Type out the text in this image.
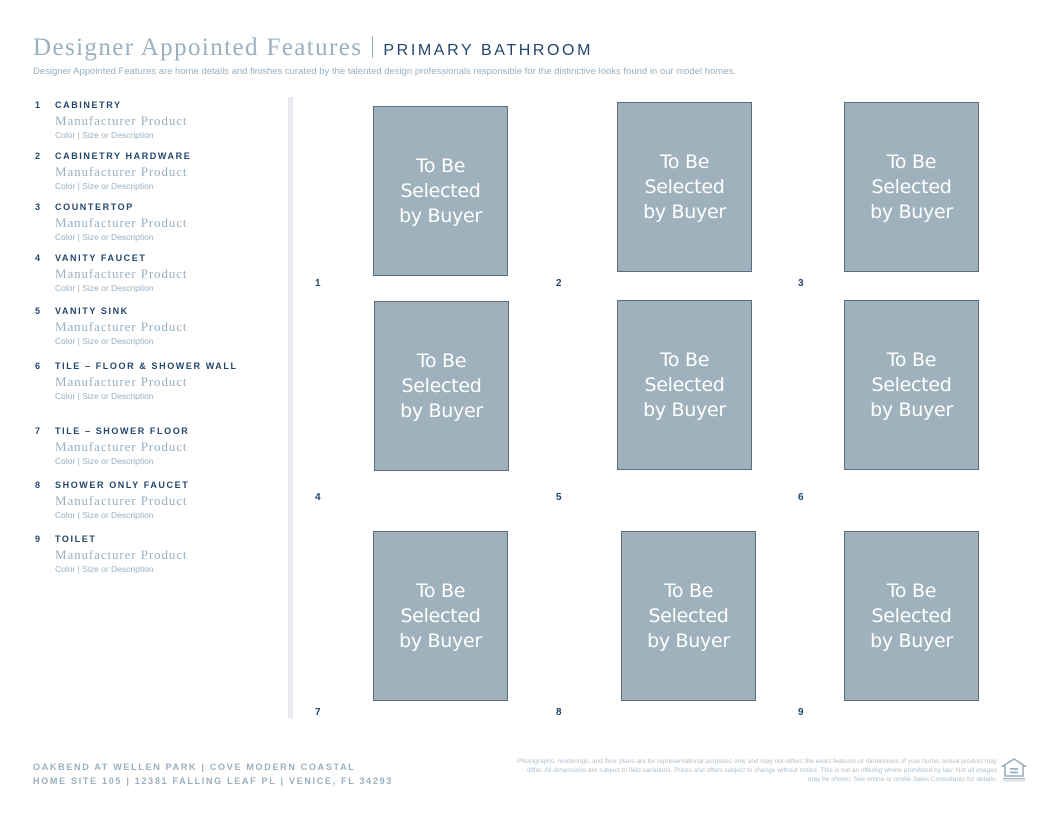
Designer Appointed Features PRIMARY BATHROOM
Designer Appointed Features are home details and finishes curated by the talented design professionals responsible for the distinctive looks found in our model homes.
1 CABINETRY
Manufacturer Product
Color | Size or Description
2 CABINETRY HARDWARE
Manufacturer Product
Color | Size or Description
3 COUNTERTOP
Manufacturer Product
Color | Size or Description
4 VANITY FAUCET
Manufacturer Product
Color | Size or Description
5 VANITY SINK
Manufacturer Product
Color | Size or Description
6 TILE – FLOOR & SHOWER WALL
Manufacturer Product
Color | Size or Description
7 TILE – SHOWER FLOOR
Manufacturer Product
Color | Size or Description
8 SHOWER ONLY FAUCET
Manufacturer Product
Color | Size or Description
9 TOILET
Manufacturer Product
Color | Size or Description
To Be
Selected
by Buyer
1
To Be
Selected
by Buyer
2
To Be
Selected
by Buyer
3
To Be
Selected
by Buyer
4
To Be
Selected
by Buyer
5
To Be
Selected
by Buyer
6
To Be
Selected
by Buyer
7
To Be
Selected
by Buyer
8
To Be
Selected
by Buyer
9
OAKBEND AT WELLEN PARK | COVE MODERN COASTAL
HOME SITE 105 | 12381 FALLING LEAF PL | VENICE, FL 34293
Photographs, renderings, and floor plans are for representational purposes only and may not reflect the exact features or dimensions of your home; actual product may differ. All dimensions are subject to field variations. Prices and offers subject to change without notice. This is not an offering where prohibited by law. Not all images may be shown. See online or onsite Sales Consultants for details.
